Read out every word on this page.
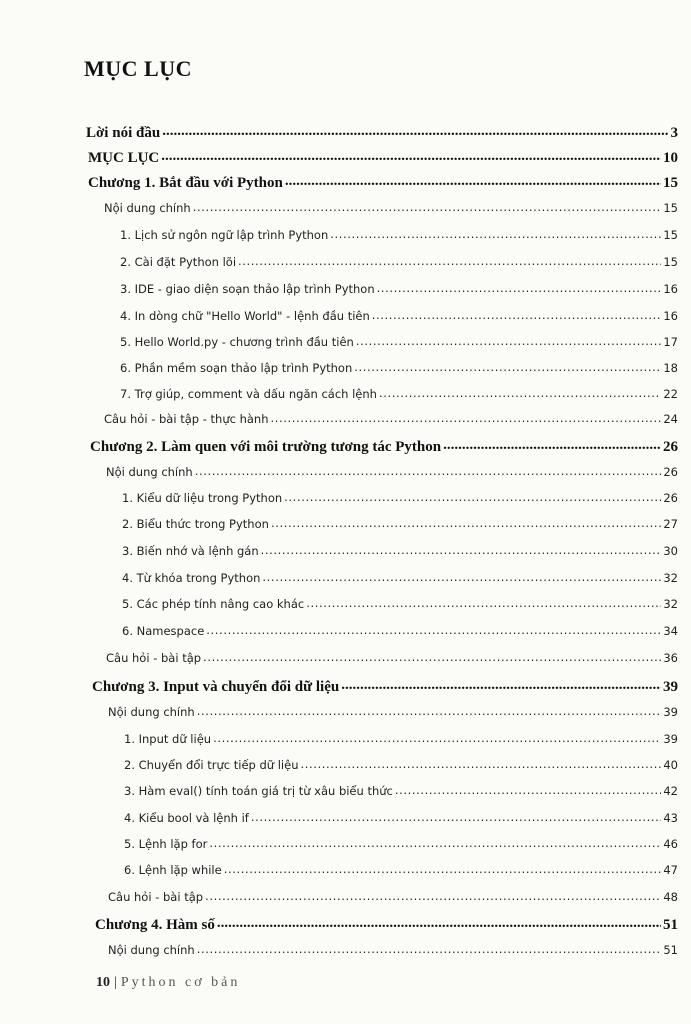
MỤC LỤC
Lời nói đầu .....	3
MỤC LỤC .....	10
Chương 1. Bắt đầu với Python .....	15
Nội dung chính .....	15
1. Lịch sử ngôn ngữ lập trình Python .....	15
2. Cài đặt Python lõi .....	15
3. IDE - giao diện soạn thảo lập trình Python .....	16
4. In dòng chữ "Hello World" - lệnh đầu tiên .....	16
5. Hello World.py - chương trình đầu tiên .....	17
6. Phần mềm soạn thảo lập trình Python .....	18
7. Trợ giúp, comment và dấu ngăn cách lệnh .....	22
Câu hỏi - bài tập - thực hành .....	24
Chương 2. Làm quen với môi trường tương tác Python .....	26
Nội dung chính .....	26
1. Kiểu dữ liệu trong Python .....	26
2. Biểu thức trong Python .....	27
3. Biến nhớ và lệnh gán .....	30
4. Từ khóa trong Python .....	32
5. Các phép tính nâng cao khác .....	32
6. Namespace .....	34
Câu hỏi - bài tập .....	36
Chương 3. Input và chuyển đổi dữ liệu .....	39
Nội dung chính .....	39
1. Input dữ liệu .....	39
2. Chuyển đổi trực tiếp dữ liệu .....	40
3. Hàm eval() tính toán giá trị từ xâu biểu thức .....	42
4. Kiểu bool và lệnh if .....	43
5. Lệnh lặp for .....	46
6. Lệnh lặp while .....	47
Câu hỏi - bài tập .....	48
Chương 4. Hàm số .....	51
Nội dung chính .....	51
10 | Python cơ bản
